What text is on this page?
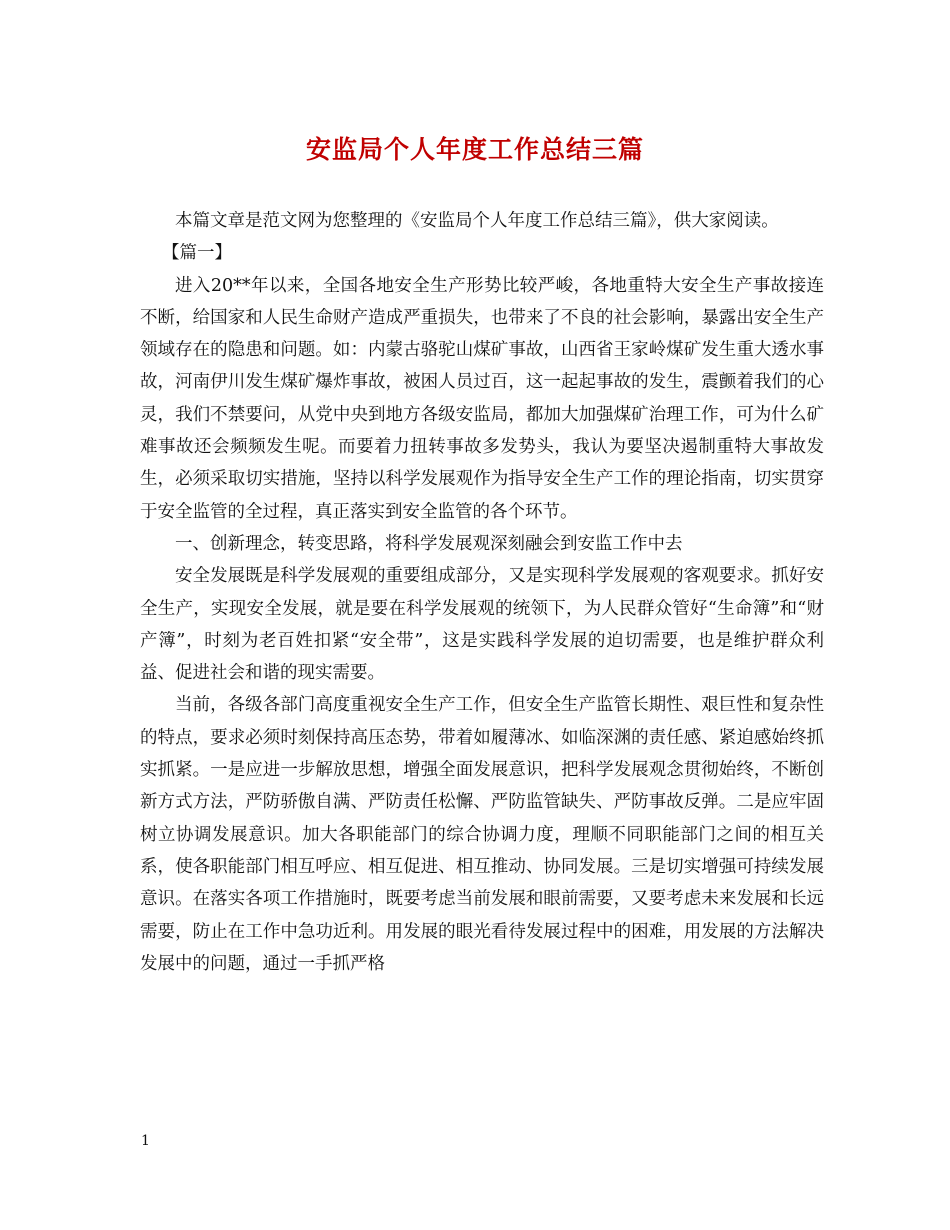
安监局个人年度工作总结三篇

本篇文章是范文网为您整理的《安监局个人年度工作总结三篇》，供大家阅读。

【篇一】

进入20**年以来，全国各地安全生产形势比较严峻，各地重特大安全生产事故接连不断，给国家和人民生命财产造成严重损失，也带来了不良的社会影响，暴露出安全生产领域存在的隐患和问题。如：内蒙古骆驼山煤矿事故，山西省王家岭煤矿发生重大透水事故，河南伊川发生煤矿爆炸事故，被困人员过百，这一起起事故的发生，震颤着我们的心灵，我们不禁要问，从党中央到地方各级安监局，都加大加强煤矿治理工作，可为什么矿难事故还会频频发生呢。而要着力扭转事故多发势头，我认为要坚决遏制重特大事故发生，必须采取切实措施，坚持以科学发展观作为指导安全生产工作的理论指南，切实贯穿于安全监管的全过程，真正落实到安全监管的各个环节。

一、创新理念，转变思路，将科学发展观深刻融会到安监工作中去

安全发展既是科学发展观的重要组成部分，又是实现科学发展观的客观要求。抓好安全生产，实现安全发展，就是要在科学发展观的统领下，为人民群众管好“生命簿”和“财产簿”，时刻为老百姓扣紧“安全带”，这是实践科学发展的迫切需要，也是维护群众利益、促进社会和谐的现实需要。

当前，各级各部门高度重视安全生产工作，但安全生产监管长期性、艰巨性和复杂性的特点，要求必须时刻保持高压态势，带着如履薄冰、如临深渊的责任感、紧迫感始终抓实抓紧。一是应进一步解放思想，增强全面发展意识，把科学发展观念贯彻始终，不断创新方式方法，严防骄傲自满、严防责任松懈、严防监管缺失、严防事故反弹。二是应牢固树立协调发展意识。加大各职能部门的综合协调力度，理顺不同职能部门之间的相互关系，使各职能部门相互呼应、相互促进、相互推动、协同发展。三是切实增强可持续发展意识。在落实各项工作措施时，既要考虑当前发展和眼前需要，又要考虑未来发展和长远需要，防止在工作中急功近利。用发展的眼光看待发展过程中的困难，用发展的方法解决发展中的问题，通过一手抓严格

1
